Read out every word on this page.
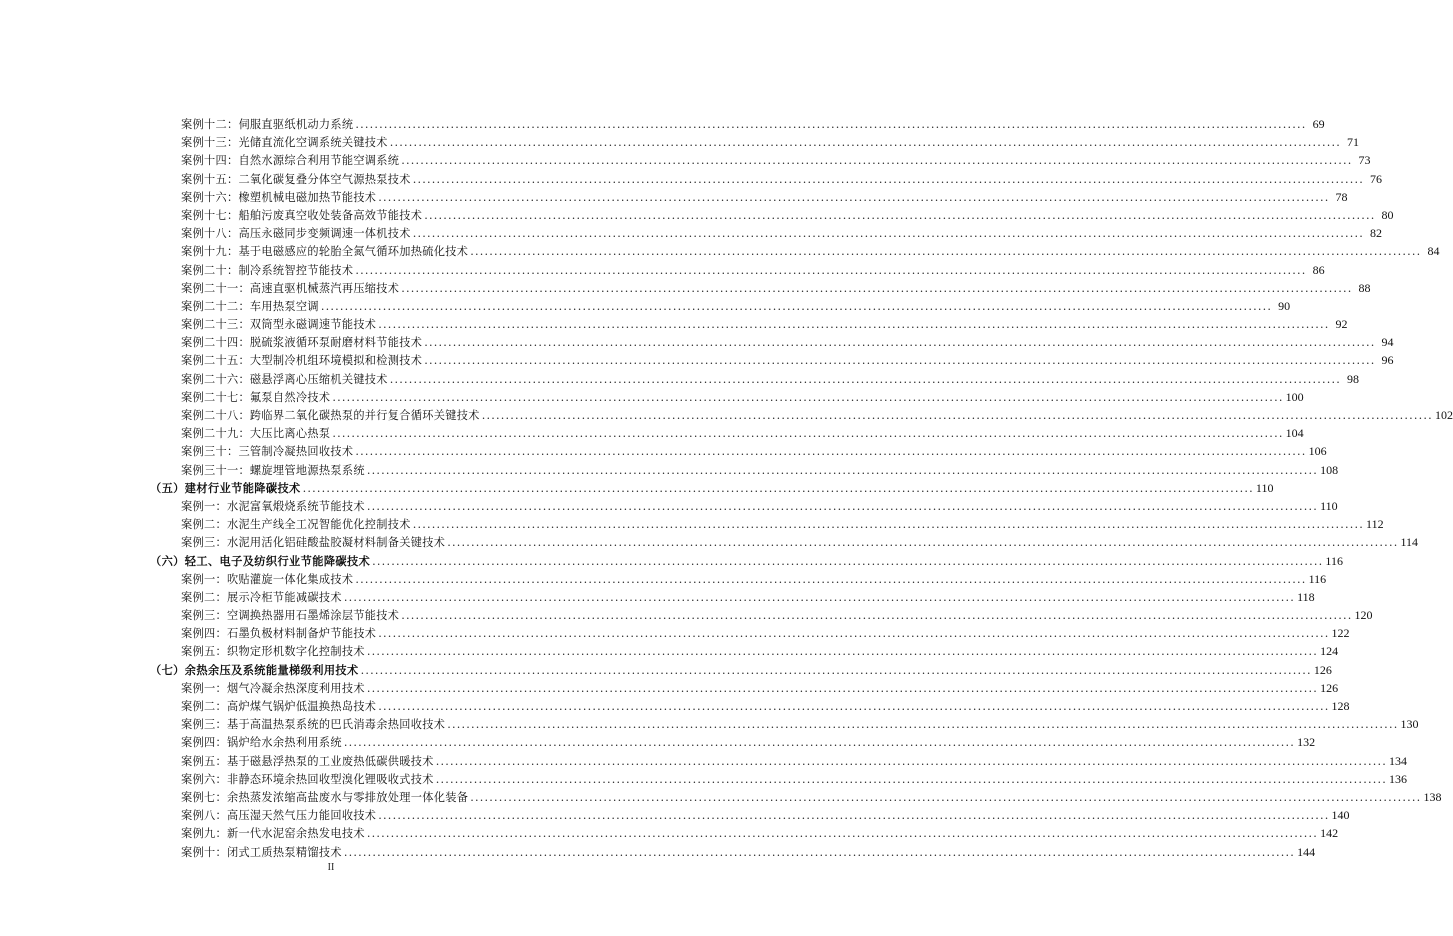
案例十二：伺服直驱纸机动力系统 ........................................................................................................................................................................................................ 69
案例十三：光储直流化空调系统关键技术 ........................................................................................................................................................................................................ 71
案例十四：自然水源综合利用节能空调系统 ........................................................................................................................................................................................................ 73
案例十五：二氧化碳复叠分体空气源热泵技术 ........................................................................................................................................................................................................ 76
案例十六：橡塑机械电磁加热节能技术 ........................................................................................................................................................................................................ 78
案例十七：船舶污废真空收处装备高效节能技术 ........................................................................................................................................................................................................ 80
案例十八：高压永磁同步变频调速一体机技术 ........................................................................................................................................................................................................ 82
案例十九：基于电磁感应的轮胎全氮气循环加热硫化技术 ........................................................................................................................................................................................................ 84
案例二十：制冷系统智控节能技术 ........................................................................................................................................................................................................ 86
案例二十一：高速直驱机械蒸汽再压缩技术 ........................................................................................................................................................................................................ 88
案例二十二：车用热泵空调 ........................................................................................................................................................................................................ 90
案例二十三：双筒型永磁调速节能技术 ........................................................................................................................................................................................................ 92
案例二十四：脱硫浆液循环泵耐磨材料节能技术 ........................................................................................................................................................................................................ 94
案例二十五：大型制冷机组环境模拟和检测技术 ........................................................................................................................................................................................................ 96
案例二十六：磁悬浮离心压缩机关键技术 ........................................................................................................................................................................................................ 98
案例二十七：氟泵自然冷技术 ........................................................................................................................................................................................................ 100
案例二十八：跨临界二氧化碳热泵的并行复合循环关键技术 ........................................................................................................................................................................................................ 102
案例二十九：大压比离心热泵 ........................................................................................................................................................................................................ 104
案例三十：三管制冷凝热回收技术 ........................................................................................................................................................................................................ 106
案例三十一：螺旋埋管地源热泵系统 ........................................................................................................................................................................................................ 108
（五）建材行业节能降碳技术 ........................................................................................................................................................................................................ 110
案例一：水泥富氧煅烧系统节能技术 ........................................................................................................................................................................................................ 110
案例二：水泥生产线全工况智能优化控制技术 ........................................................................................................................................................................................................ 112
案例三：水泥用活化铝硅酸盐胶凝材料制备关键技术 ........................................................................................................................................................................................................ 114
（六）轻工、电子及纺织行业节能降碳技术 ........................................................................................................................................................................................................ 116
案例一：吹贴灌旋一体化集成技术 ........................................................................................................................................................................................................ 116
案例二：展示冷柜节能减碳技术 ........................................................................................................................................................................................................ 118
案例三：空调换热器用石墨烯涂层节能技术 ........................................................................................................................................................................................................ 120
案例四：石墨负极材料制备炉节能技术 ........................................................................................................................................................................................................ 122
案例五：织物定形机数字化控制技术 ........................................................................................................................................................................................................ 124
（七）余热余压及系统能量梯级利用技术 ........................................................................................................................................................................................................ 126
案例一：烟气冷凝余热深度利用技术 ........................................................................................................................................................................................................ 126
案例二：高炉煤气锅炉低温换热岛技术 ........................................................................................................................................................................................................ 128
案例三：基于高温热泵系统的巴氏消毒余热回收技术 ........................................................................................................................................................................................................ 130
案例四：锅炉给水余热利用系统 ........................................................................................................................................................................................................ 132
案例五：基于磁悬浮热泵的工业废热低碳供暖技术 ........................................................................................................................................................................................................ 134
案例六：非静态环境余热回收型溴化锂吸收式技术 ........................................................................................................................................................................................................ 136
案例七：余热蒸发浓缩高盐废水与零排放处理一体化装备 ........................................................................................................................................................................................................ 138
案例八：高压湿天然气压力能回收技术 ........................................................................................................................................................................................................ 140
案例九：新一代水泥窑余热发电技术 ........................................................................................................................................................................................................ 142
案例十：闭式工质热泵精馏技术 ........................................................................................................................................................................................................ 144
II
